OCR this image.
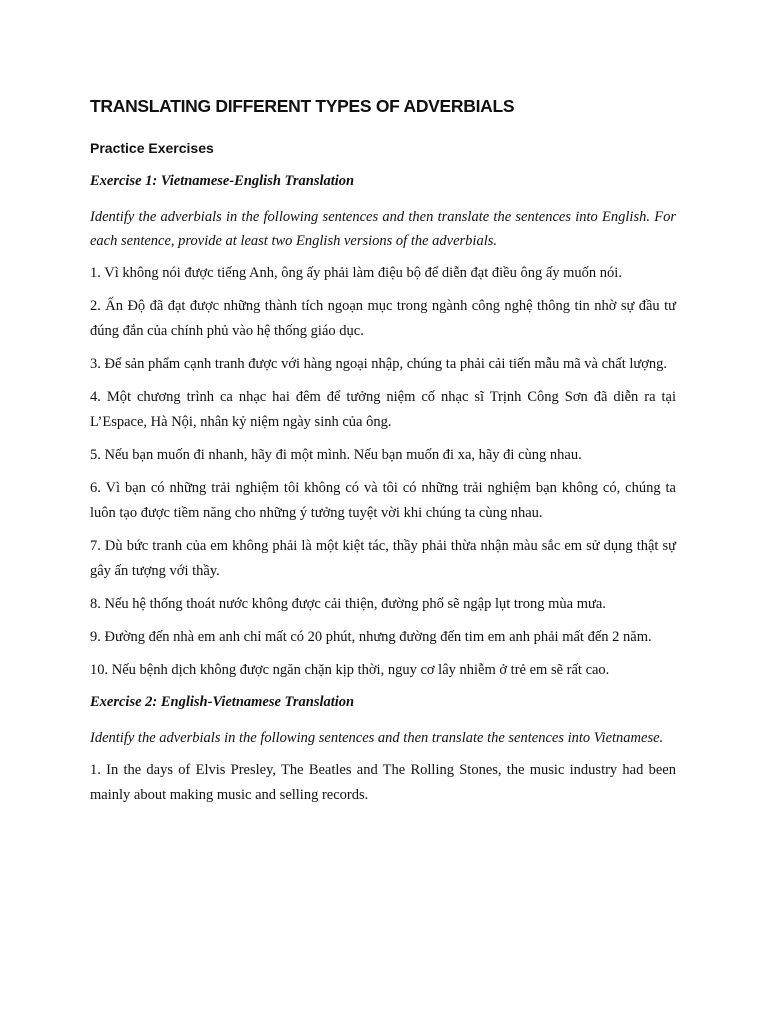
TRANSLATING DIFFERENT TYPES OF ADVERBIALS
Practice Exercises
Exercise 1: Vietnamese-English Translation

Identify the adverbials in the following sentences and then translate the sentences into English. For each sentence, provide at least two English versions of the adverbials.

1. Vì không nói được tiếng Anh, ông ấy phải làm điệu bộ để diễn đạt điều ông ấy muốn nói.
2. Ấn Độ đã đạt được những thành tích ngoạn mục trong ngành công nghệ thông tin nhờ sự đầu tư đúng đắn của chính phủ vào hệ thống giáo dục.
3. Để sản phẩm cạnh tranh được với hàng ngoại nhập, chúng ta phải cải tiến mẫu mã và chất lượng.
4. Một chương trình ca nhạc hai đêm để tưởng niệm cố nhạc sĩ Trịnh Công Sơn đã diễn ra tại L’Espace, Hà Nội, nhân kỷ niệm ngày sinh của ông.
5. Nếu bạn muốn đi nhanh, hãy đi một mình. Nếu bạn muốn đi xa, hãy đi cùng nhau.
6. Vì bạn có những trải nghiệm tôi không có và tôi có những trải nghiệm bạn không có, chúng ta luôn tạo được tiềm năng cho những ý tưởng tuyệt vời khi chúng ta cùng nhau.
7. Dù bức tranh của em không phải là một kiệt tác, thầy phải thừa nhận màu sắc em sử dụng thật sự gây ấn tượng với thầy.
8. Nếu hệ thống thoát nước không được cải thiện, đường phố sẽ ngập lụt trong mùa mưa.
9. Đường đến nhà em anh chỉ mất có 20 phút, nhưng đường đến tim em anh phải mất đến 2 năm.
10. Nếu bệnh dịch không được ngăn chặn kịp thời, nguy cơ lây nhiễm ở trẻ em sẽ rất cao.
Exercise 2: English-Vietnamese Translation

Identify the adverbials in the following sentences and then translate the sentences into Vietnamese.

1. In the days of Elvis Presley, The Beatles and The Rolling Stones, the music industry had been mainly about making music and selling records.
